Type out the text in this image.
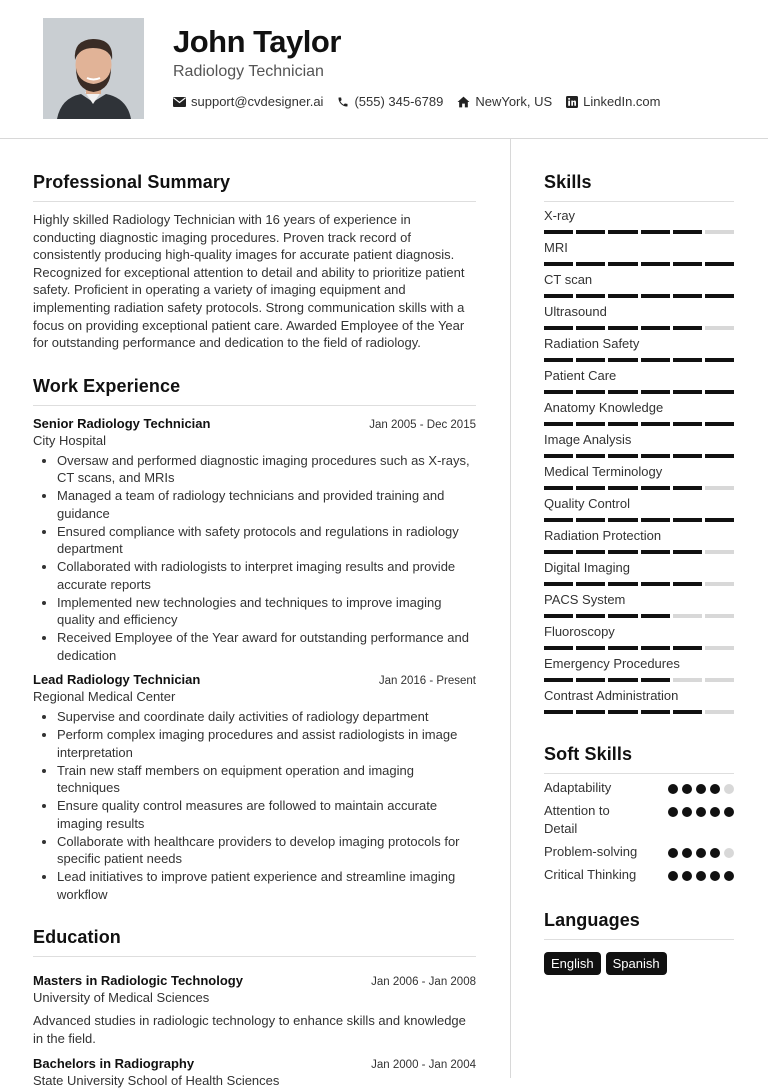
John Taylor
Radiology Technician
support@cvdesigner.ai (555) 345-6789 NewYork, US LinkedIn.com
Professional Summary

Highly skilled Radiology Technician with 16 years of experience in conducting diagnostic imaging procedures. Proven track record of consistently producing high-quality images for accurate patient diagnosis. Recognized for exceptional attention to detail and ability to prioritize patient safety. Proficient in operating a variety of imaging equipment and implementing radiation safety protocols. Strong communication skills with a focus on providing exceptional patient care. Awarded Employee of the Year for outstanding performance and dedication to the field of radiology.

Work Experience
Senior Radiology Technician	Jan 2005 - Dec 2015
City Hospital
• Oversaw and performed diagnostic imaging procedures such as X-rays, CT scans, and MRIs
• Managed a team of radiology technicians and provided training and guidance
• Ensured compliance with safety protocols and regulations in radiology department
• Collaborated with radiologists to interpret imaging results and provide accurate reports
• Implemented new technologies and techniques to improve imaging quality and efficiency
• Received Employee of the Year award for outstanding performance and dedication
Lead Radiology Technician	Jan 2016 - Present
Regional Medical Center
• Supervise and coordinate daily activities of radiology department
• Perform complex imaging procedures and assist radiologists in image interpretation
• Train new staff members on equipment operation and imaging techniques
• Ensure quality control measures are followed to maintain accurate imaging results
• Collaborate with healthcare providers to develop imaging protocols for specific patient needs
• Lead initiatives to improve patient experience and streamline imaging workflow
Education
Masters in Radiologic Technology	Jan 2006 - Jan 2008
University of Medical Sciences

Advanced studies in radiologic technology to enhance skills and knowledge in the field.

Bachelors in Radiography	Jan 2000 - Jan 2004
State University School of Health Sciences
Skills
X-ray
MRI
CT scan
Ultrasound
Radiation Safety
Patient Care
Anatomy Knowledge
Image Analysis
Medical Terminology
Quality Control
Radiation Protection
Digital Imaging
PACS System
Fluoroscopy
Emergency Procedures
Contrast Administration
Soft Skills
Adaptability
Attention to Detail
Problem-solving
Critical Thinking
Languages
English	Spanish
